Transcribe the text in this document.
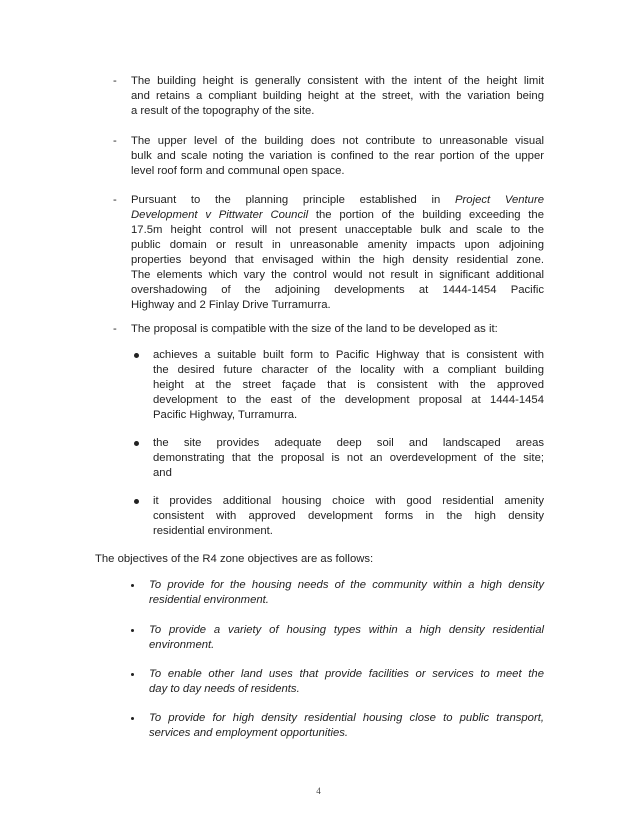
- The building height is generally consistent with the intent of the height limit
and retains a compliant building height at the street, with the variation being
a result of the topography of the site.
- The upper level of the building does not contribute to unreasonable visual
bulk and scale noting the variation is confined to the rear portion of the upper
level roof form and communal open space.
- Pursuant to the planning principle established in Project Venture
Development v Pittwater Council the portion of the building exceeding the
17.5m height control will not present unacceptable bulk and scale to the
public domain or result in unreasonable amenity impacts upon adjoining
properties beyond that envisaged within the high density residential zone.
The elements which vary the control would not result in significant additional
overshadowing of the adjoining developments at 1444-1454 Pacific
Highway and 2 Finlay Drive Turramurra.
- The proposal is compatible with the size of the land to be developed as it:
achieves a suitable built form to Pacific Highway that is consistent with
the desired future character of the locality with a compliant building
height at the street façade that is consistent with the approved
development to the east of the development proposal at 1444-1454
Pacific Highway, Turramurra.
the site provides adequate deep soil and landscaped areas
demonstrating that the proposal is not an overdevelopment of the site;
and
it provides additional housing choice with good residential amenity
consistent with approved development forms in the high density
residential environment.
The objectives of the R4 zone objectives are as follows:
To provide for the housing needs of the community within a high density
residential environment.
To provide a variety of housing types within a high density residential
environment.
To enable other land uses that provide facilities or services to meet the
day to day needs of residents.
To provide for high density residential housing close to public transport,
services and employment opportunities.
4
